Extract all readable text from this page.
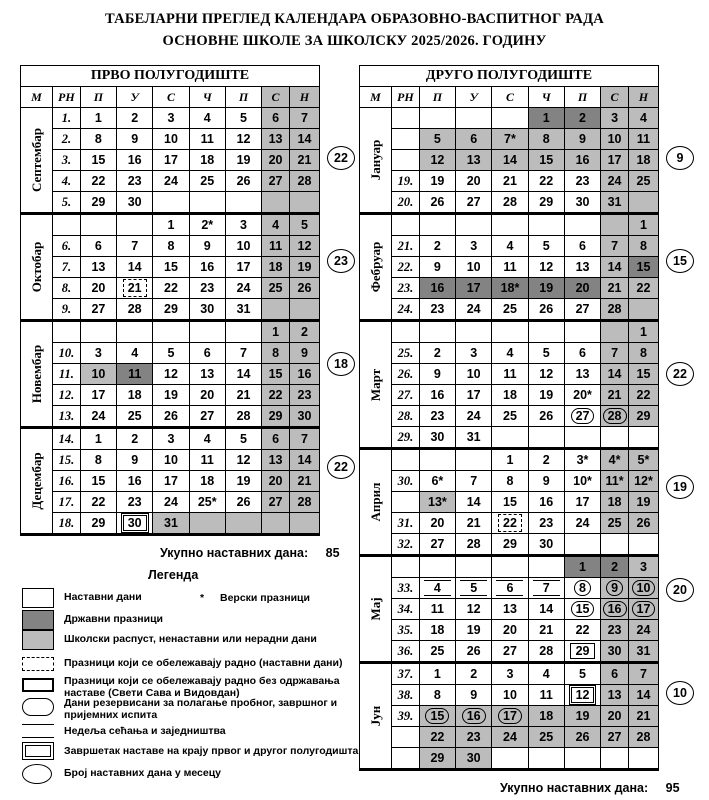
ТАБЕЛАРНИ ПРЕГЛЕД КАЛЕНДАРА ОБРАЗОВНО-ВАСПИТНОГ РАДА
ОСНОВНЕ ШКОЛЕ ЗА ШКОЛСКУ 2025/2026. ГОДИНУ
ПРВО ПОЛУГОДИШТЕ								
М	РН	П	У	С	Ч	П	С	Н

Септембар	1.	1	2	3	4	5	6	7
	2.	8	9	10	11	12	13	14
	3.	15	16	17	18	19	20	21
	4.	22	23	24	25	26	27	28
	5.	29	30					

Октобар				1	2*	3	4	5
	6.	6	7	8	9	10	11	12
	7.	13	14	15	16	17	18	19
	8.	20	21	22	23	24	25	26
	9.	27	28	29	30	31		

Новембар							1	2
	10.	3	4	5	6	7	8	9
	11.	10	11	12	13	14	15	16
	12.	17	18	19	20	21	22	23
	13.	24	25	26	27	28	29	30

Децембар	14.	1	2	3	4	5	6	7
	15.	8	9	10	11	12	13	14
	16.	15	16	17	18	19	20	21
	17.	22	23	24	25*	26	27	28
	18.	29	30	31				
ДРУГО ПОЛУГОДИШТЕ								
М	РН	П	У	С	Ч	П	С	Н

Јануар					1	2	3	4
		5	6	7*	8	9	10	11
		12	13	14	15	16	17	18
	19.	19	20	21	22	23	24	25
	20.	26	27	28	29	30	31	

Фебруар								1
	21.	2	3	4	5	6	7	8
	22.	9	10	11	12	13	14	15
	23.	16	17	18*	19	20	21	22
	24.	23	24	25	26	27	28	

Март								1
	25.	2	3	4	5	6	7	8
	26.	9	10	11	12	13	14	15
	27.	16	17	18	19	20*	21	22
	28.	23	24	25	26	27	28	29
	29.	30	31					

Април				1	2	3*	4*	5*
	30.	6*	7	8	9	10*	11*	12*
		13*	14	15	16	17	18	19
	31.	20	21	22	23	24	25	26
	32.	27	28	29	30			

Мај						1	2	3
	33.	4	5	6	7	8	9	10
	34.	11	12	13	14	15	16	17
	35.	18	19	20	21	22	23	24
	36.	25	26	27	28	29	30	31

Јун	37.	1	2	3	4	5	6	7
	38.	8	9	10	11	12	13	14
	39.	15	16	17	18	19	20	21
		22	23	24	25	26	27	28
		29	30					
22
23
18
22
9
15
22
19
20
10
Укупно наставних дана: 85
Укупно наставних дана: 95
Легенда
Наставни дани	* Верски празници
Државни празници
Школски распуст, ненаставни или нерадни дани
Празници који се обележавају радно (наставни дани)
Празници који се обележавају радно без одржавања наставе (Свети Сава и Видовдан)
Дани резервисани за полагање пробног, завршног и пријемних испита
Недеља сећања и заједништва
Завршетак наставе на крају првог и другог полугодишта
Број наставних дана у месецу
